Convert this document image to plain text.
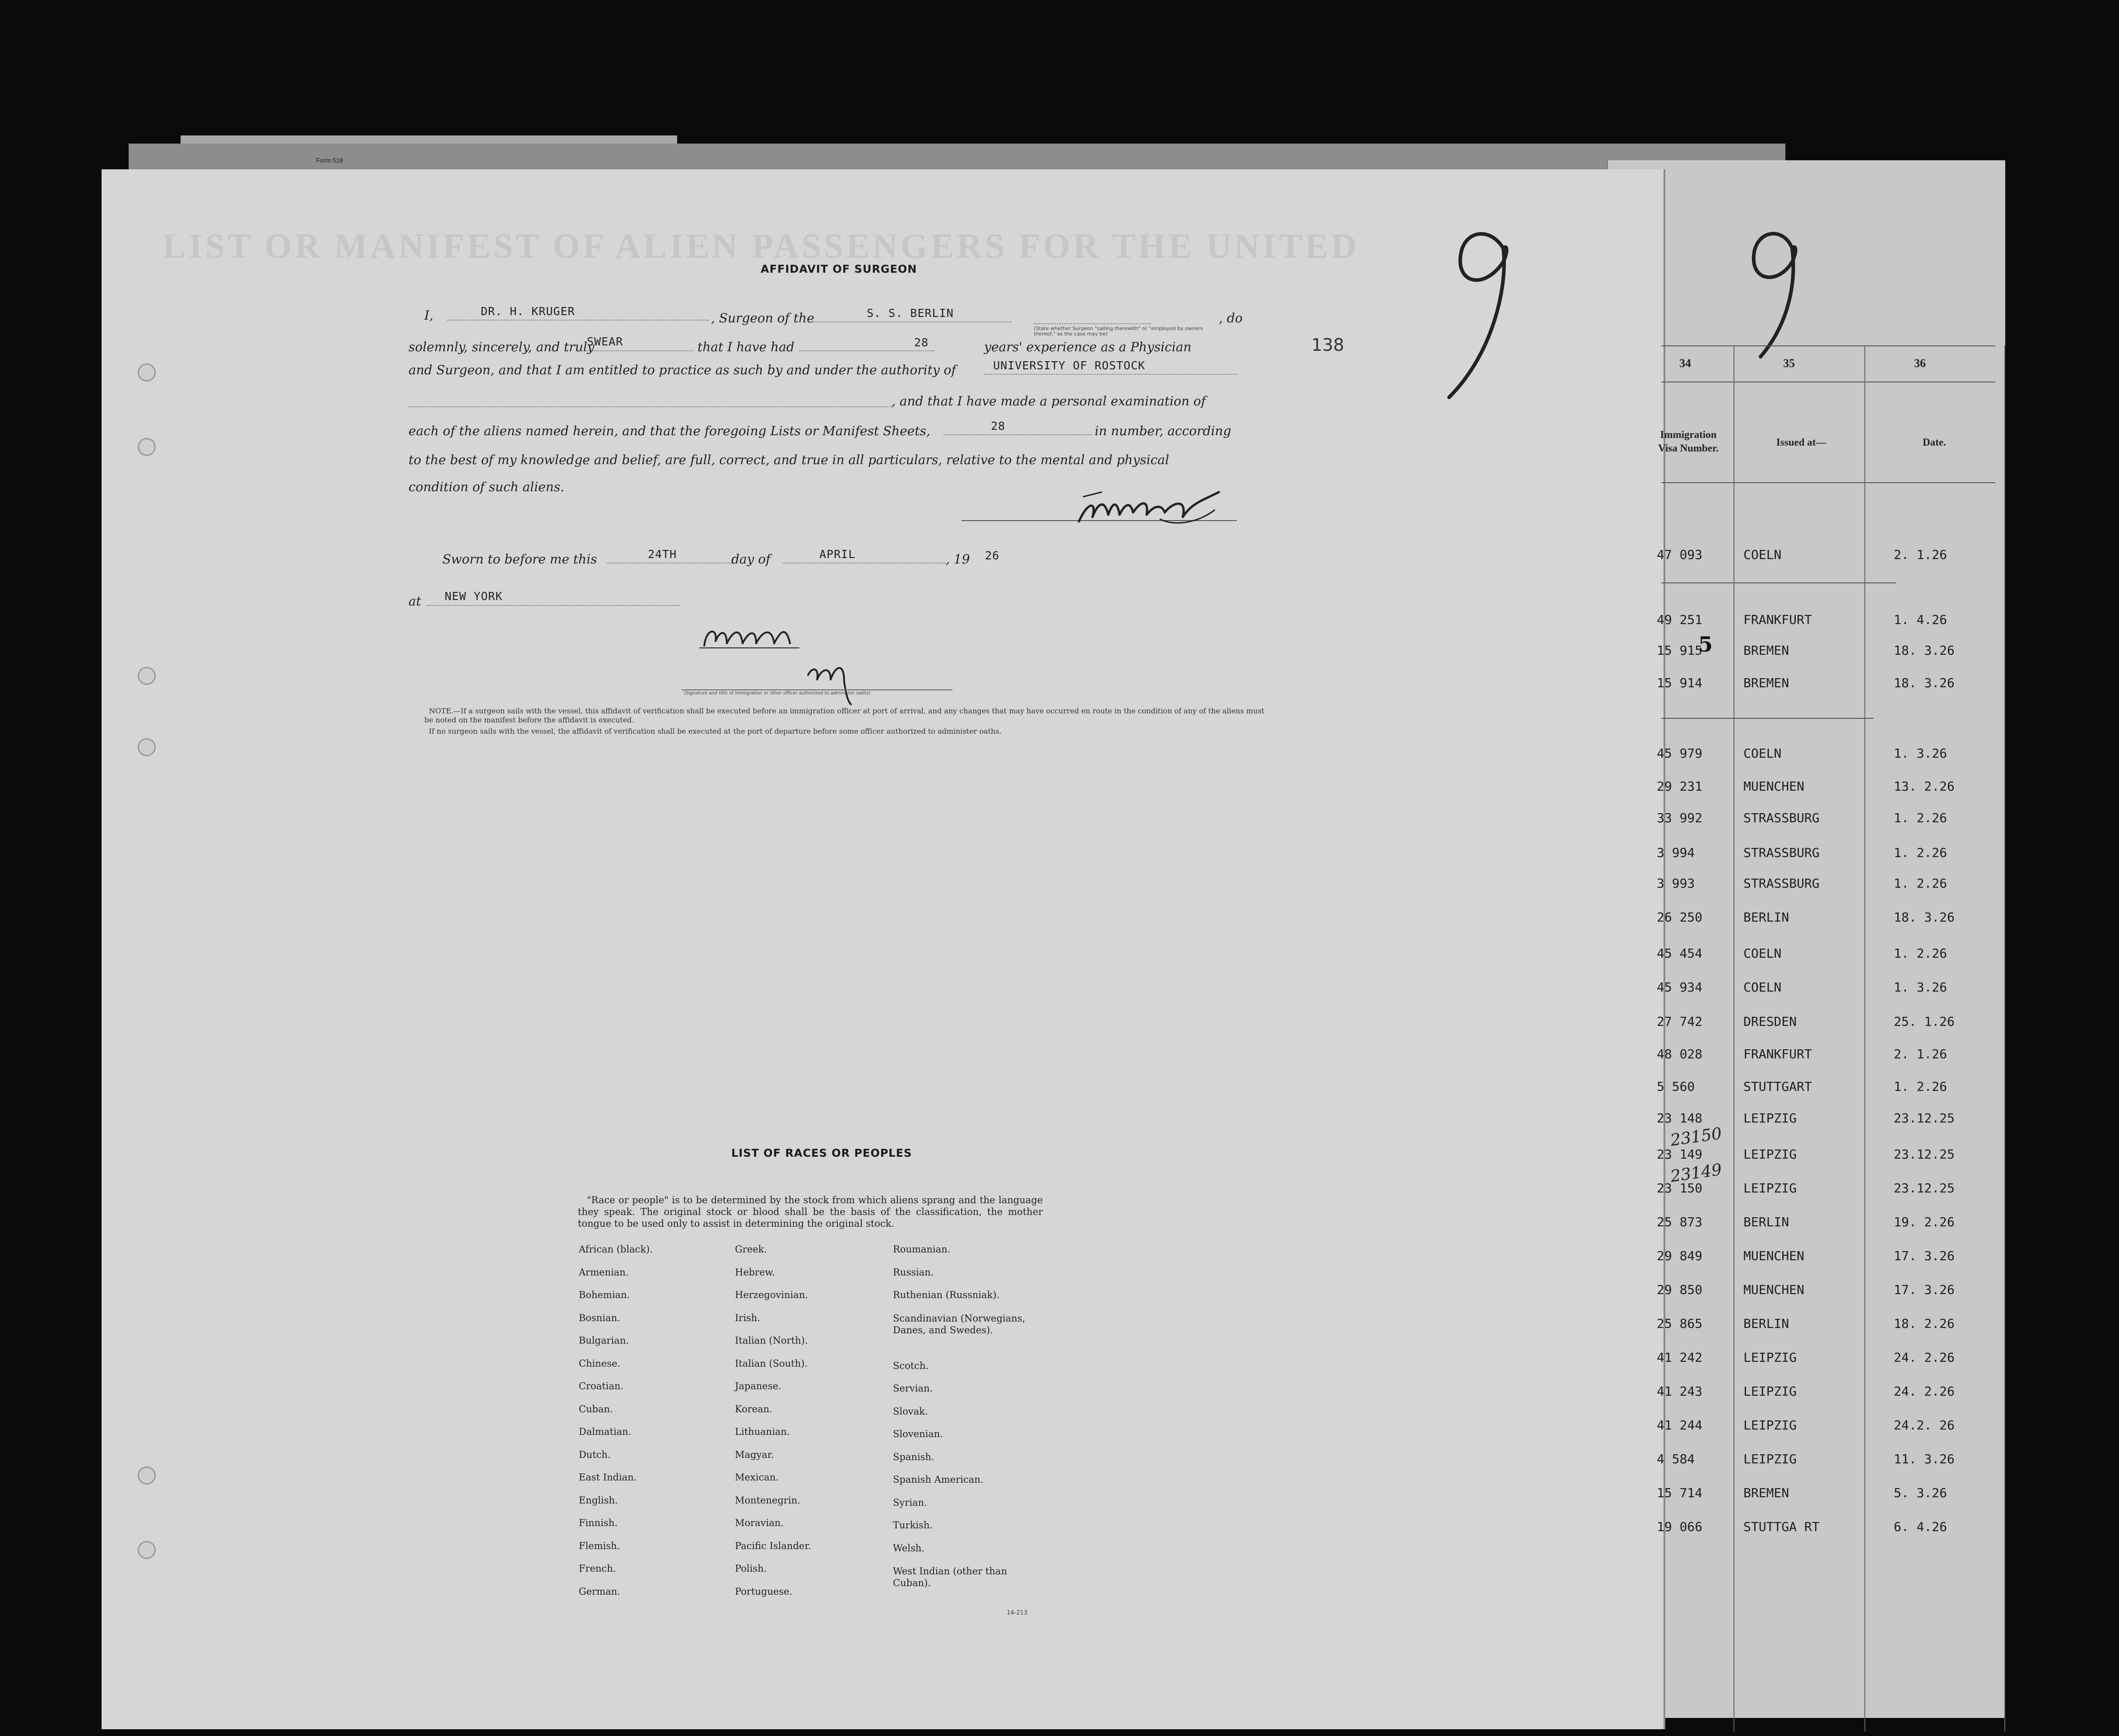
Form 518
LIST OR MANIFEST OF ALIEN PASSENGERS FOR THE UNITED
AFFIDAVIT OF SURGEON
I,	DR. H. KRUGER	, Surgeon of the	S. S. BERLIN
(State whether Surgeon "sailing therewith" or "employed by owners thereof," as the case may be)
, do
solemnly, sincerely, and truly
SWEAR	that I have had	28	years' experience as a Physician
and Surgeon, and that I am entitled to practice as such by and under the authority of	UNIVERSITY OF ROSTOCK
, and that I have made a personal examination of
each of the aliens named herein, and that the foregoing Lists or Manifest Sheets,	28	in number, according
to the best of my knowledge and belief, are full, correct, and true in all particulars, relative to the mental and physical
condition of such aliens.
Sworn to before me this	24TH	day of	APRIL	, 19 26
at NEW YORK
(Signature and title of immigration or other officer authorized to administer oaths)
NOTE.—If a surgeon sails with the vessel, this affidavit of verification shall be executed before an immigration officer at port of arrival, and any changes that may have occurred en route in the condition of any of the aliens must be noted on the manifest before the affidavit is executed.
If no surgeon sails with the vessel, the affidavit of verification shall be executed at the port of departure before some officer authorized to administer oaths.
138
LIST OF RACES OR PEOPLES
"Race or people" is to be determined by the stock from which aliens sprang and the language they speak. The original stock or blood shall be the basis of the classification, the mother tongue to be used only to assist in determining the original stock.
African (black).
Armenian.
Bohemian.
Bosnian.
Bulgarian.
Chinese.
Croatian.
Cuban.
Dalmatian.
Dutch.
East Indian.
English.
Finnish.
Flemish.
French.
German.
Greek.
Hebrew.
Herzegovinian.
Irish.
Italian (North).
Italian (South).
Japanese.
Korean.
Lithuanian.
Magyar.
Mexican.
Montenegrin.
Moravian.
Pacific Islander.
Polish.
Portuguese.
Roumanian.
Russian.
Ruthenian (Russniak).
Scandinavian (Norwegians, Danes, and Swedes).
Scotch.
Servian.
Slovak.
Slovenian.
Spanish.
Spanish American.
Syrian.
Turkish.
Welsh.
West Indian (other than Cuban).
14-213
34	35	36
Immigration Visa Number.
Issued at—	Date.
47 093	COELN	2. 1.26
49 251	FRANKFURT	1. 4.26
15 915	BREMEN	18. 3.26
15 914	BREMEN	18. 3.26
45 979	COELN	1. 3.26
29 231	MUENCHEN	13. 2.26
33 992	STRASSBURG	1. 2.26
3 994	STRASSBURG	1. 2.26
3 993	STRASSBURG	1. 2.26
26 250	BERLIN	18. 3.26
45 454	COELN	1. 2.26
45 934	COELN	1. 3.26
27 742	DRESDEN	25. 1.26
48 028	FRANKFURT	2. 1.26
5 560	STUTTGART	1. 2.26
23 148	LEIPZIG	23.12.25
23 149	LEIPZIG	23.12.25
23 150	LEIPZIG	23.12.25
25 873	BERLIN	19. 2.26
29 849	MUENCHEN	17. 3.26
29 850	MUENCHEN	17. 3.26
25 865	BERLIN	18. 2.26
41 242	LEIPZIG	24. 2.26
41 243	LEIPZIG	24. 2.26
41 244	LEIPZIG	24.2. 26
4 584	LEIPZIG	11. 3.26
15 714	BREMEN	5. 3.26
19 066	STUTTGA RT	6. 4.26
5
23150
23149
